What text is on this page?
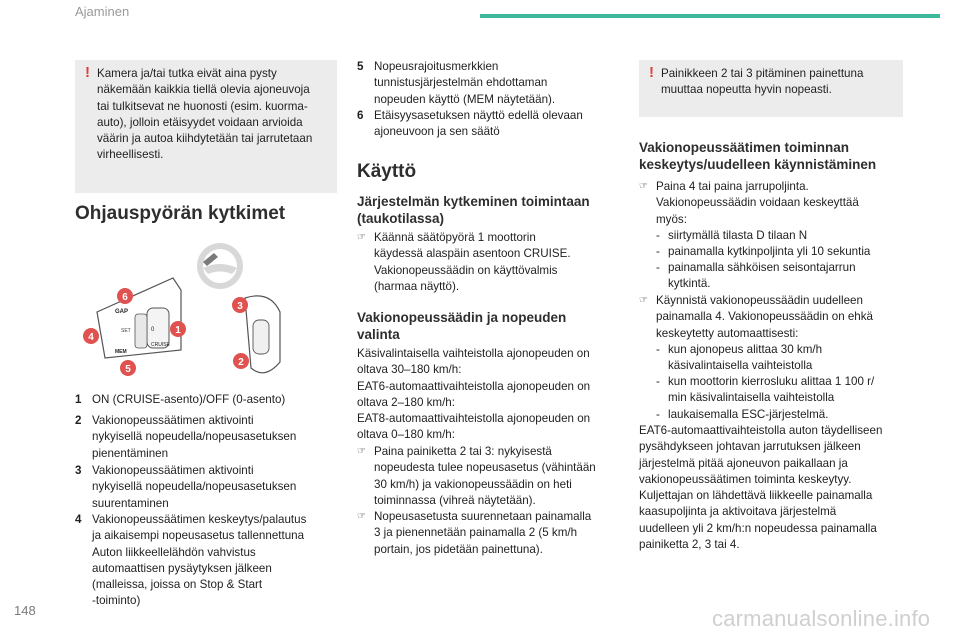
Ajaminen
! Kamera ja/tai tutka eivät aina pysty

näkemään kaikkia tiellä olevia ajoneuvoja

tai tulkitsevat ne huonosti (esim. kuorma-

auto), jolloin etäisyydet voidaan arvioida

väärin ja autoa kiihdytetään tai jarrutetaan

virheellisesti.

Ohjauspyörän kytkimet
GAP
SET
MEM
CRUISE
0
6
3
1
4
2
5
1 ON (CRUISE-asento)/OFF (0-asento)

2 Vakionopeussäätimen aktivointi

nykyisellä nopeudella/nopeusasetuksen

pienentäminen

3 Vakionopeussäätimen aktivointi

nykyisellä nopeudella/nopeusasetuksen

suurentaminen

4 Vakionopeussäätimen keskeytys/palautus

ja aikaisempi nopeusasetus tallennettuna

Auton liikkeellelähdön vahvistus

automaattisen pysäytyksen jälkeen

(malleissa, joissa on Stop & Start

-toiminto)

5 Nopeusrajoitusmerkkien

tunnistusjärjestelmän ehdottaman

nopeuden käyttö (MEM näytetään).

6 Etäisyysasetuksen näyttö edellä olevaan

ajoneuvoon ja sen säätö

Käyttö

Järjestelmän kytkeminen toimintaan

(taukotilassa)

☞ Käännä säätöpyörä 1 moottorin

käydessä alaspäin asentoon CRUISE.

Vakionopeussäädin on käyttövalmis

(harmaa näyttö).

Vakionopeussäädin ja nopeuden

valinta

Käsivalintaisella vaihteistolla ajonopeuden on

oltava 30–180 km/h:

EAT6-automaattivaihteistolla ajonopeuden on

oltava 2–180 km/h:

EAT8-automaattivaihteistolla ajonopeuden on

oltava 0–180 km/h:

☞ Paina painiketta 2 tai 3: nykyisestä

nopeudesta tulee nopeusasetus (vähintään

30 km/h) ja vakionopeussäädin on heti

toiminnassa (vihreä näytetään).

☞ Nopeusasetusta suurennetaan painamalla

3 ja pienennetään painamalla 2 (5 km/h

portain, jos pidetään painettuna).

! Painikkeen 2 tai 3 pitäminen painettuna

muuttaa nopeutta hyvin nopeasti.

Vakionopeussäätimen toiminnan

keskeytys/uudelleen käynnistäminen

☞ Paina 4 tai paina jarrupoljinta.

Vakionopeussäädin voidaan keskeyttää

myös:

- siirtymällä tilasta D tilaan N

- painamalla kytkinpoljinta yli 10 sekuntia

- painamalla sähköisen seisontajarrun

kytkintä.

☞ Käynnistä vakionopeussäädin uudelleen

painamalla 4. Vakionopeussäädin on ehkä

keskeytetty automaattisesti:

- kun ajonopeus alittaa 30 km/h

käsivalintaisella vaihteistolla

- kun moottorin kierrosluku alittaa 1 100 r/

min käsivalintaisella vaihteistolla

- laukaisemalla ESC-järjestelmä.

EAT6-automaattivaihteistolla auton täydelliseen

pysähdykseen johtavan jarrutuksen jälkeen

järjestelmä pitää ajoneuvon paikallaan ja

vakionopeussäätimen toiminta keskeytyy.

Kuljettajan on lähdettävä liikkeelle painamalla

kaasupoljinta ja aktivoitava järjestelmä

uudelleen yli 2 km/h:n nopeudessa painamalla

painiketta 2, 3 tai 4.

148	carmanualsonline.info
